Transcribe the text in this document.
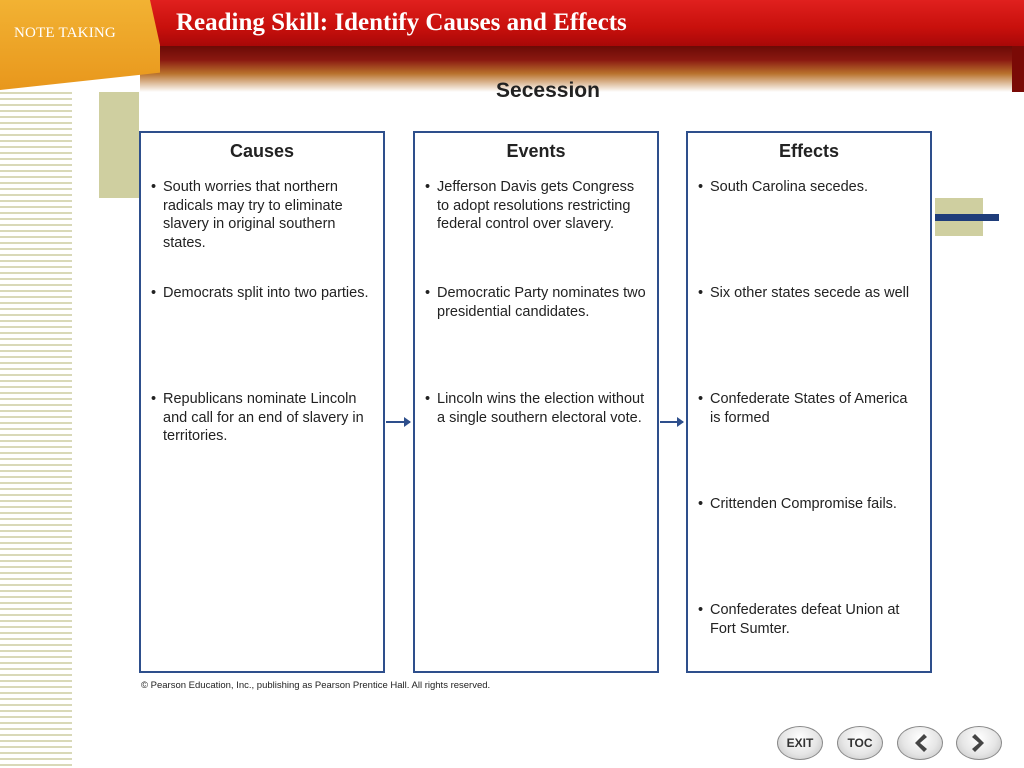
NOTE TAKING Reading Skill: Identify Causes and Effects
Secession
Causes
• South worries that northern radicals may try to eliminate slavery in original southern states.
• Democrats split into two parties.
• Republicans nominate Lincoln and call for an end of slavery in territories.
Events
• Jefferson Davis gets Congress to adopt resolutions restricting federal control over slavery.
• Democratic Party nominates two presidential candidates.
• Lincoln wins the election without a single southern electoral vote.
Effects
• South Carolina secedes.
• Six other states secede as well
• Confederate States of America is formed
• Crittenden Compromise fails.
• Confederates defeat Union at Fort Sumter.
© Pearson Education, Inc., publishing as Pearson Prentice Hall. All rights reserved.
EXIT	TOC
